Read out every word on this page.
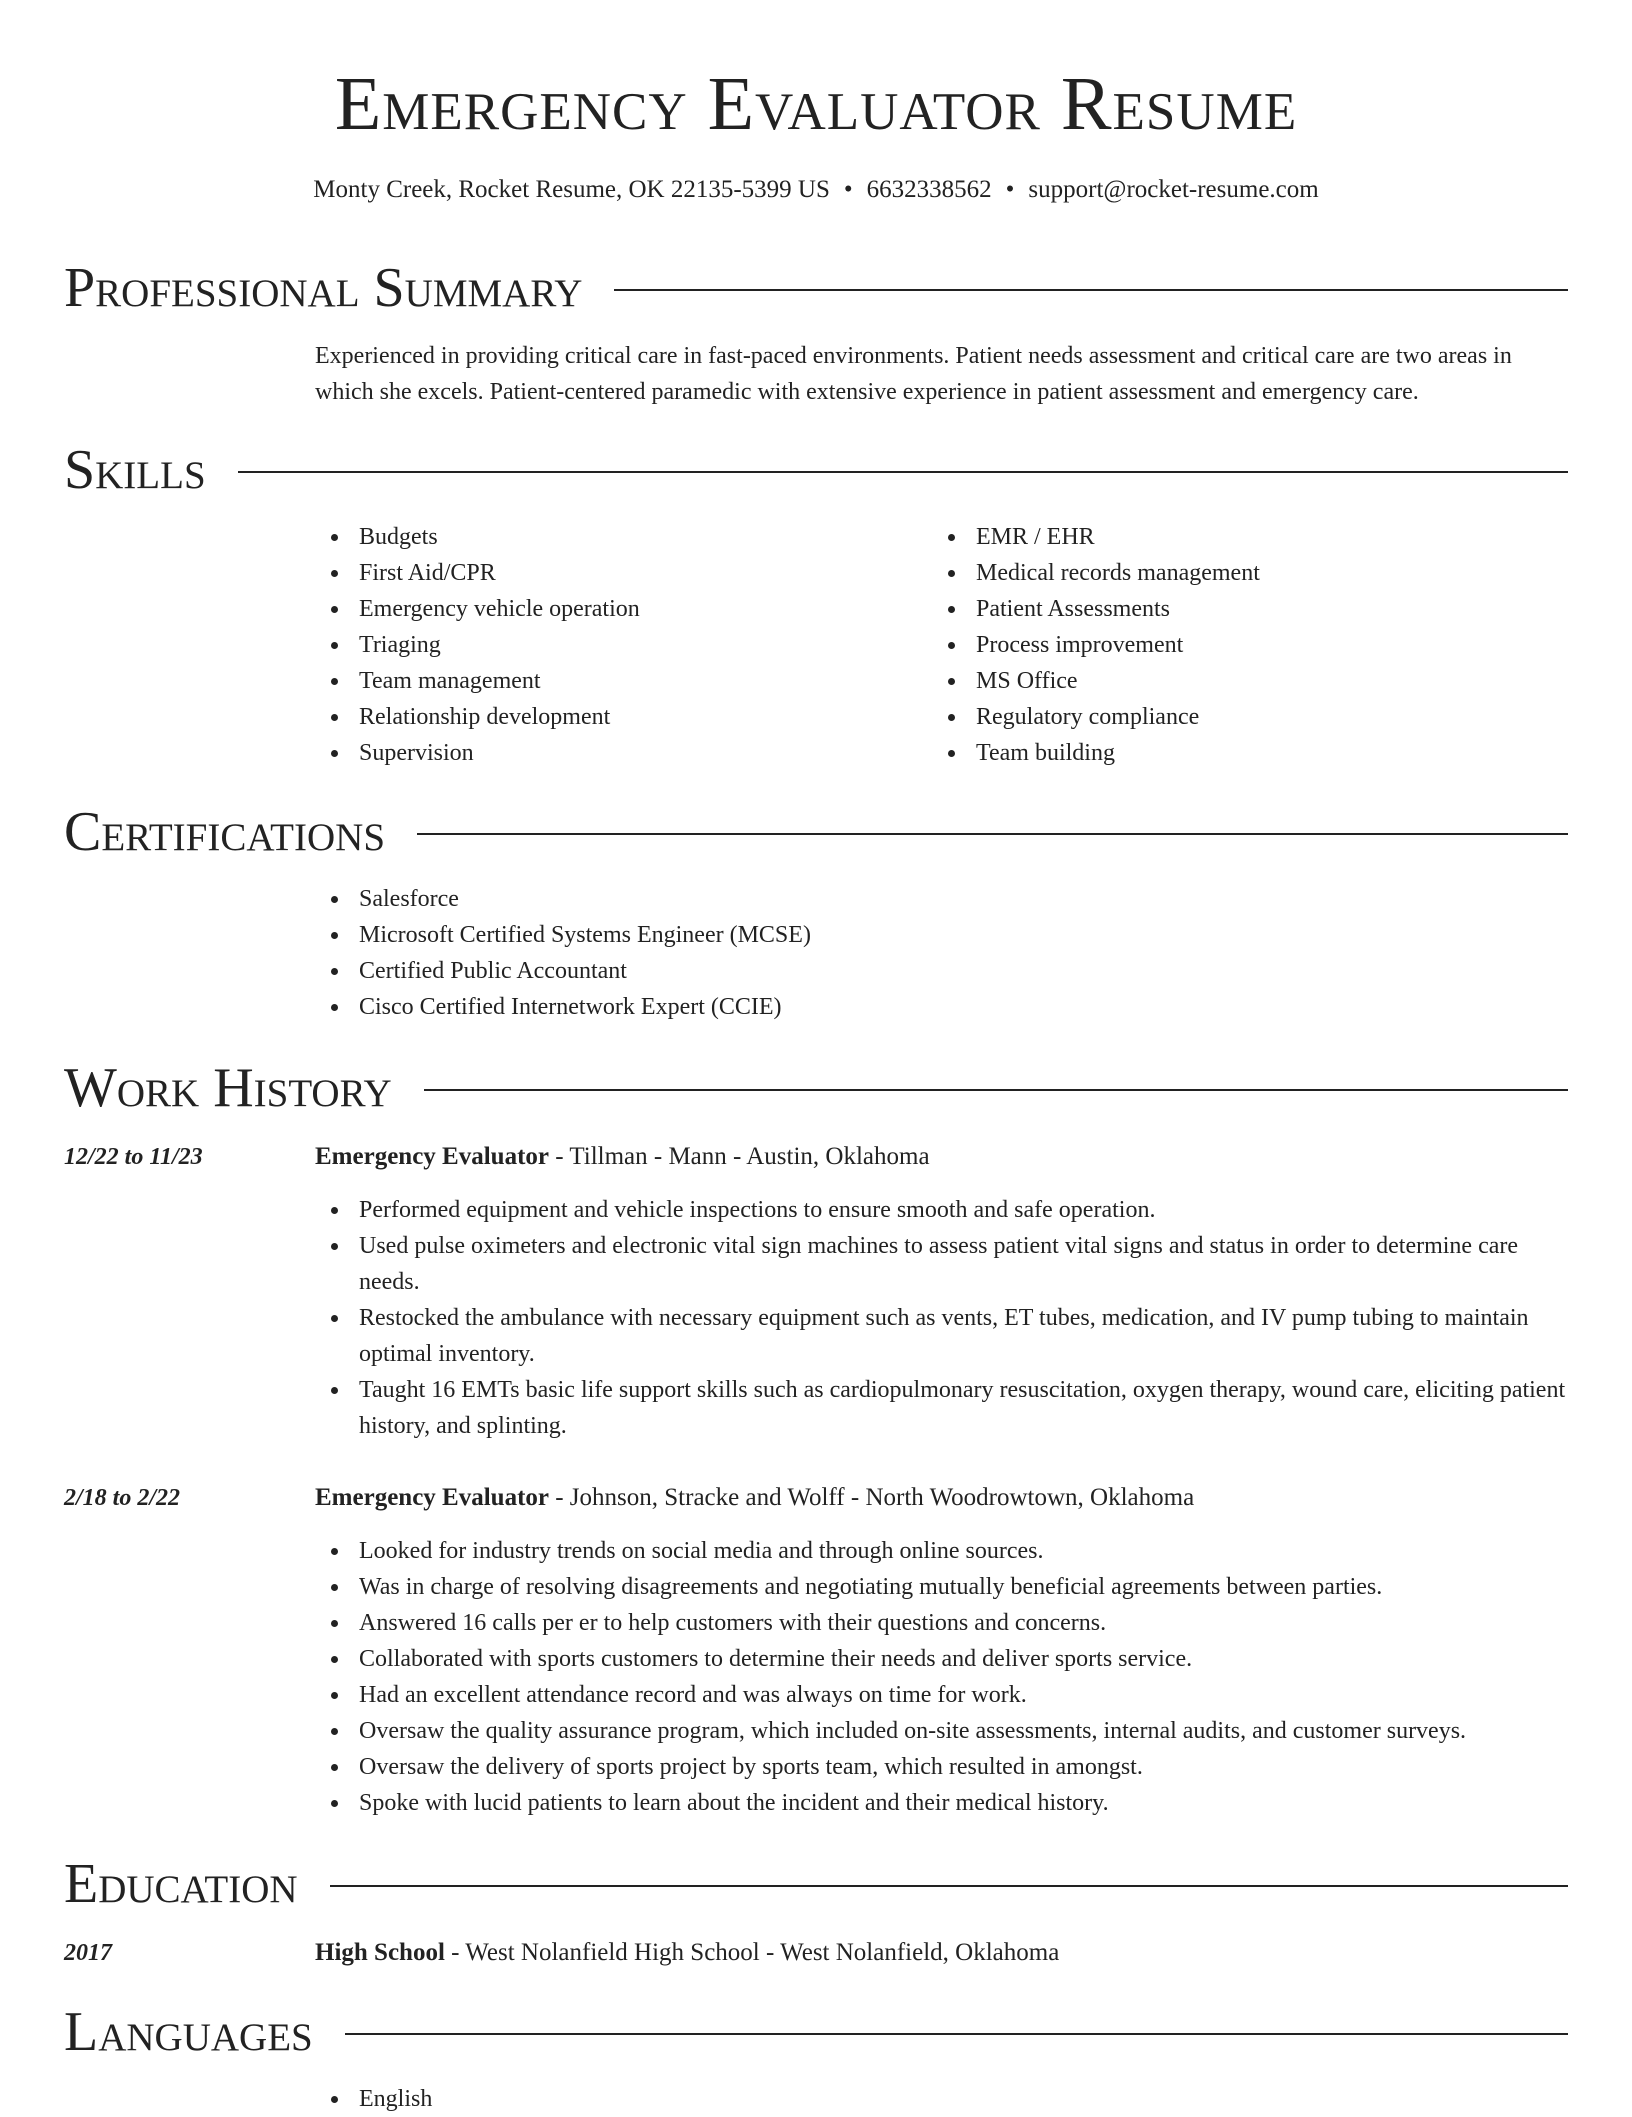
Emergency Evaluator Resume
Monty Creek, Rocket Resume, OK 22135-5399 US • 6632338562 • support@rocket-resume.com
Professional Summary

Experienced in providing critical care in fast-paced environments. Patient needs assessment and critical care are two areas in which she excels. Patient-centered paramedic with extensive experience in patient assessment and emergency care.

Skills
Budgets
First Aid/CPR
Emergency vehicle operation
Triaging
Team management
Relationship development
Supervision
EMR / EHR
Medical records management
Patient Assessments
Process improvement
MS Office
Regulatory compliance
Team building
Certifications
Salesforce
Microsoft Certified Systems Engineer (MCSE)
Certified Public Accountant
Cisco Certified Internetwork Expert (CCIE)
Work History
12/22 to 11/23	Emergency Evaluator - Tillman - Mann - Austin, Oklahoma
Performed equipment and vehicle inspections to ensure smooth and safe operation.
Used pulse oximeters and electronic vital sign machines to assess patient vital signs and status in order to determine care needs.
Restocked the ambulance with necessary equipment such as vents, ET tubes, medication, and IV pump tubing to maintain optimal inventory.
Taught 16 EMTs basic life support skills such as cardiopulmonary resuscitation, oxygen therapy, wound care, eliciting patient history, and splinting.
2/18 to 2/22	Emergency Evaluator - Johnson, Stracke and Wolff - North Woodrowtown, Oklahoma
Looked for industry trends on social media and through online sources.
Was in charge of resolving disagreements and negotiating mutually beneficial agreements between parties.
Answered 16 calls per er to help customers with their questions and concerns.
Collaborated with sports customers to determine their needs and deliver sports service.
Had an excellent attendance record and was always on time for work.
Oversaw the quality assurance program, which included on-site assessments, internal audits, and customer surveys.
Oversaw the delivery of sports project by sports team, which resulted in amongst.
Spoke with lucid patients to learn about the incident and their medical history.
Education
2017	High School - West Nolanfield High School - West Nolanfield, Oklahoma
Languages
English
